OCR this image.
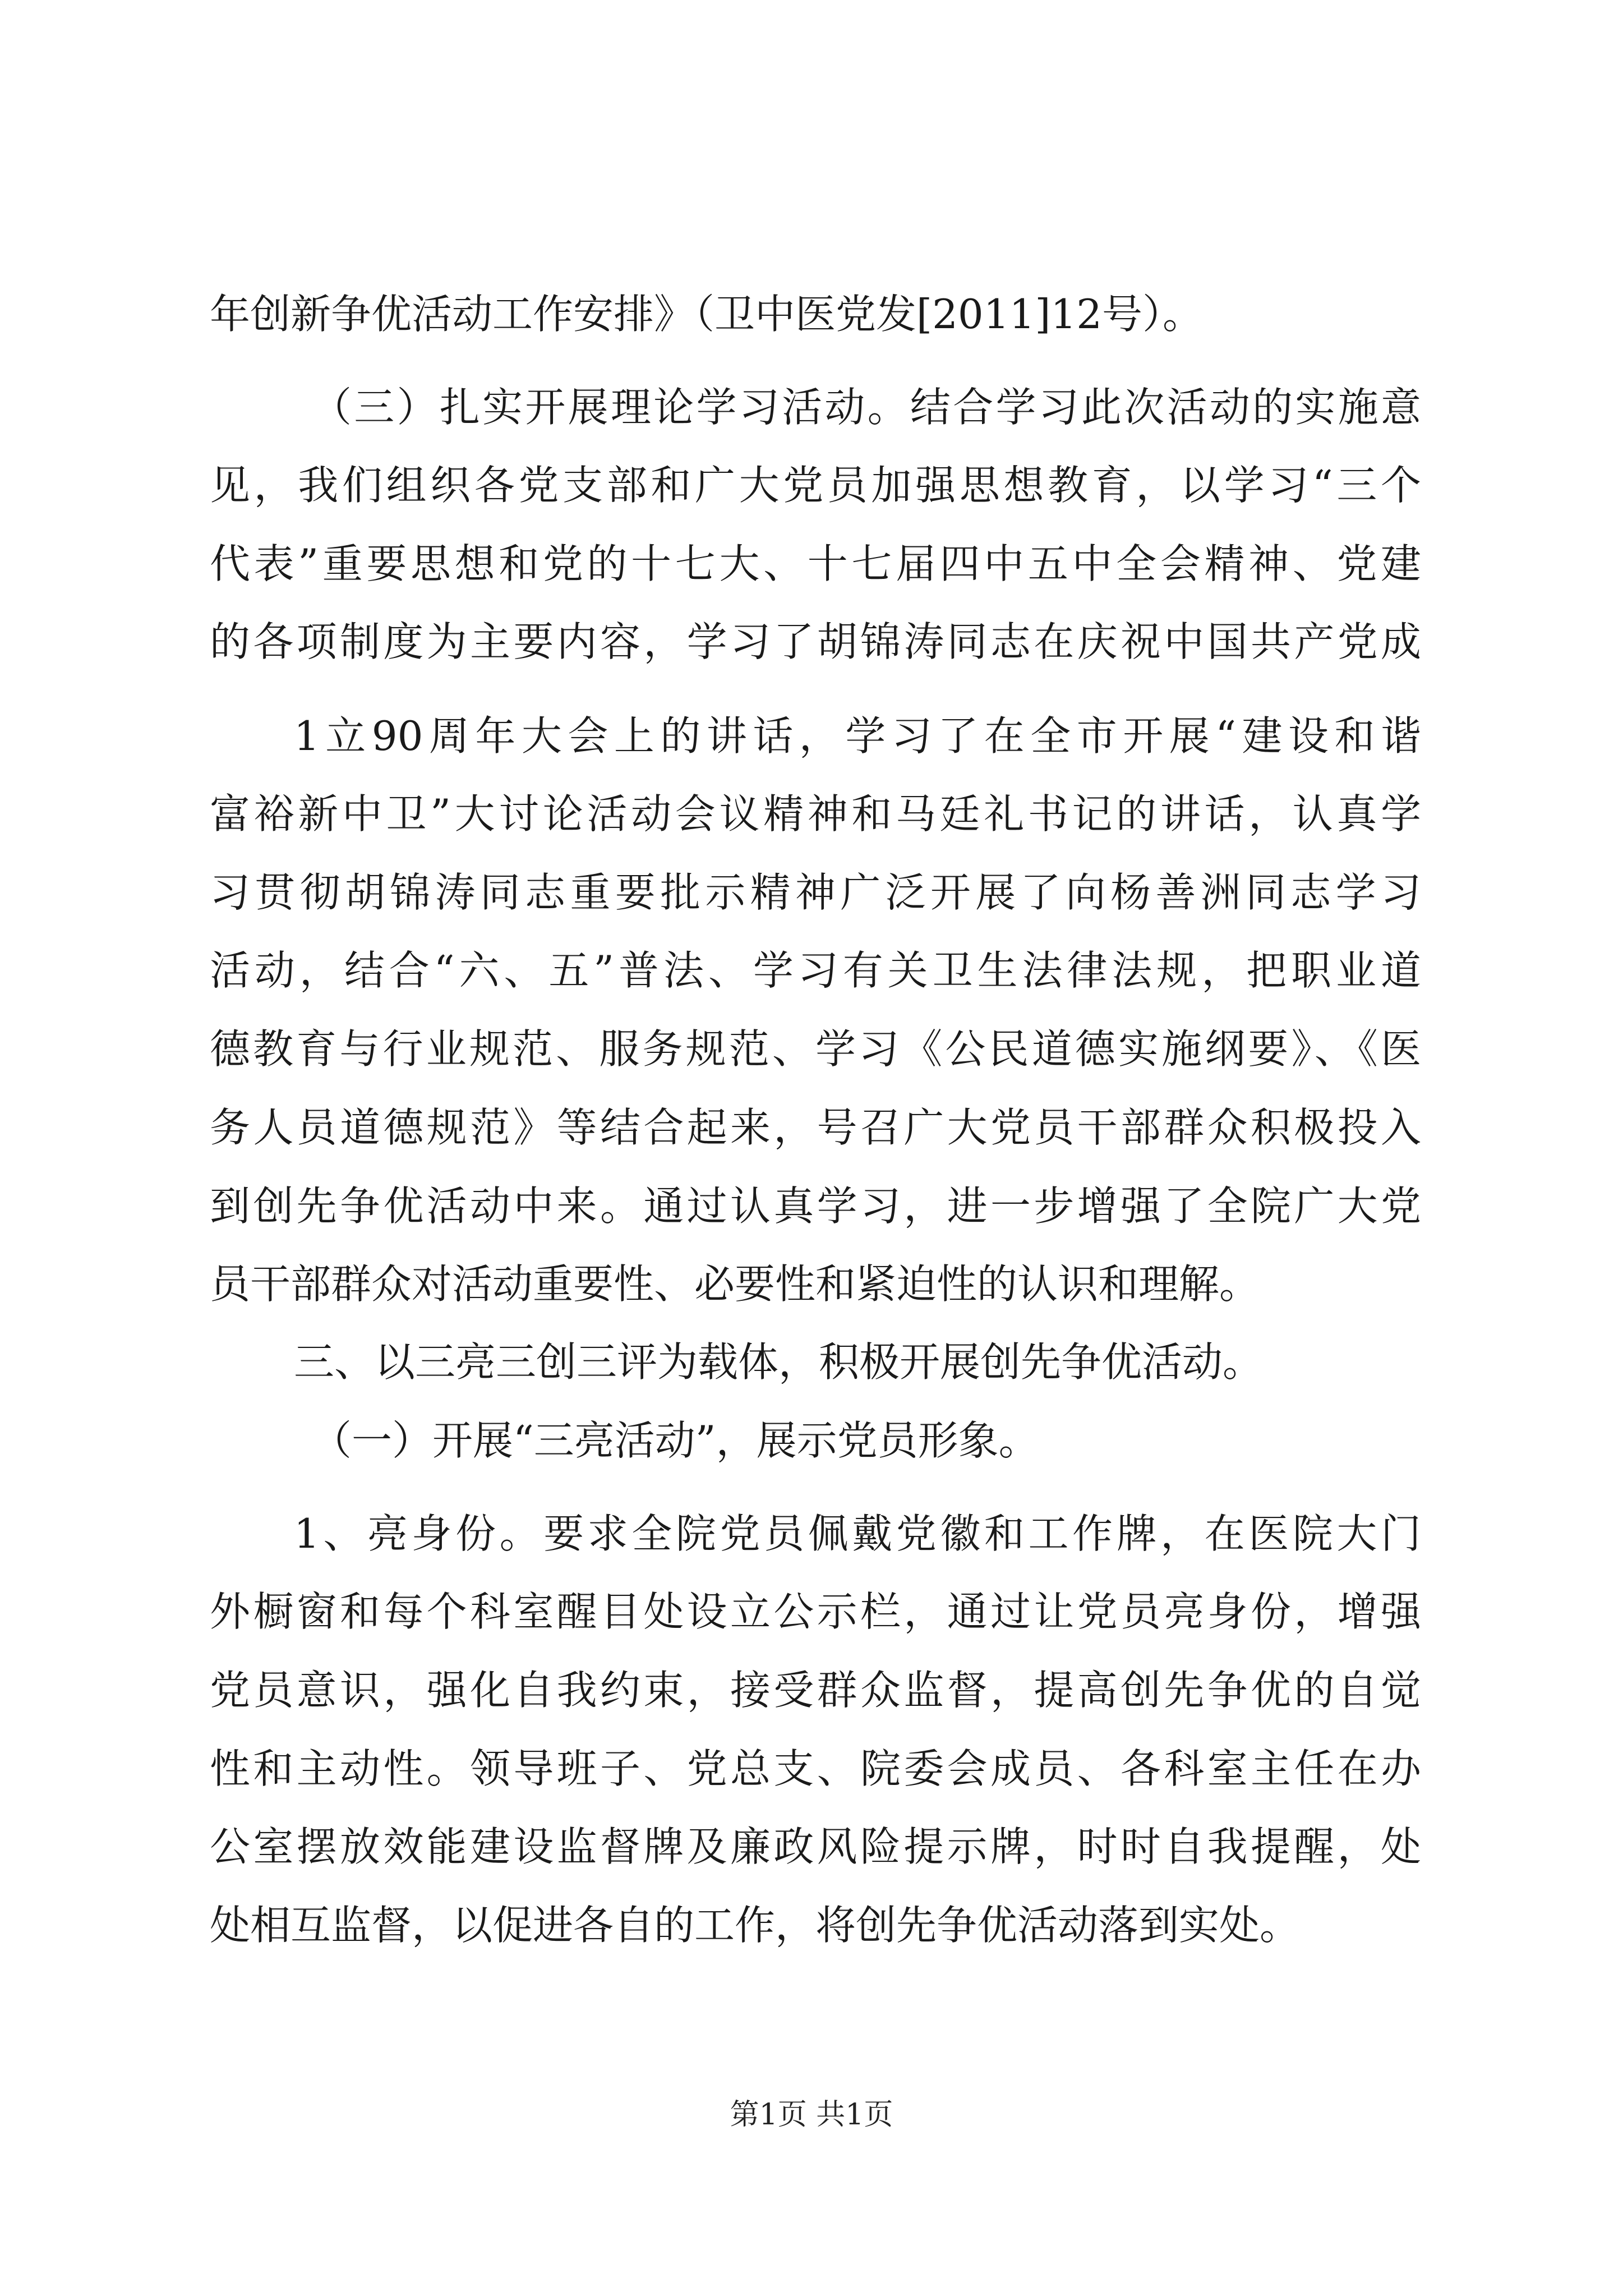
年创新争优活动工作安排》（卫中医党发[2011]12号）。
（三）扎实开展理论学习活动。结合学习此次活动的实施意
见，我们组织各党支部和广大党员加强思想教育，以学习“三个
代表”重要思想和党的十七大、十七届四中五中全会精神、党建
的各项制度为主要内容，学习了胡锦涛同志在庆祝中国共产党成
1立90周年大会上的讲话，学习了在全市开展“建设和谐
富裕新中卫”大讨论活动会议精神和马廷礼书记的讲话，认真学
习贯彻胡锦涛同志重要批示精神广泛开展了向杨善洲同志学习
活动，结合“六、五”普法、学习有关卫生法律法规，把职业道
德教育与行业规范、服务规范、学习《公民道德实施纲要》、《医
务人员道德规范》等结合起来，号召广大党员干部群众积极投入
到创先争优活动中来。通过认真学习，进一步增强了全院广大党
员干部群众对活动重要性、必要性和紧迫性的认识和理解。
三、以三亮三创三评为载体，积极开展创先争优活动。
（一）开展“三亮活动”，展示党员形象。
1、亮身份。要求全院党员佩戴党徽和工作牌，在医院大门
外橱窗和每个科室醒目处设立公示栏，通过让党员亮身份，增强
党员意识，强化自我约束，接受群众监督，提高创先争优的自觉
性和主动性。领导班子、党总支、院委会成员、各科室主任在办
公室摆放效能建设监督牌及廉政风险提示牌，时时自我提醒，处
处相互监督，以促进各自的工作，将创先争优活动落到实处。
第1页 共1页
